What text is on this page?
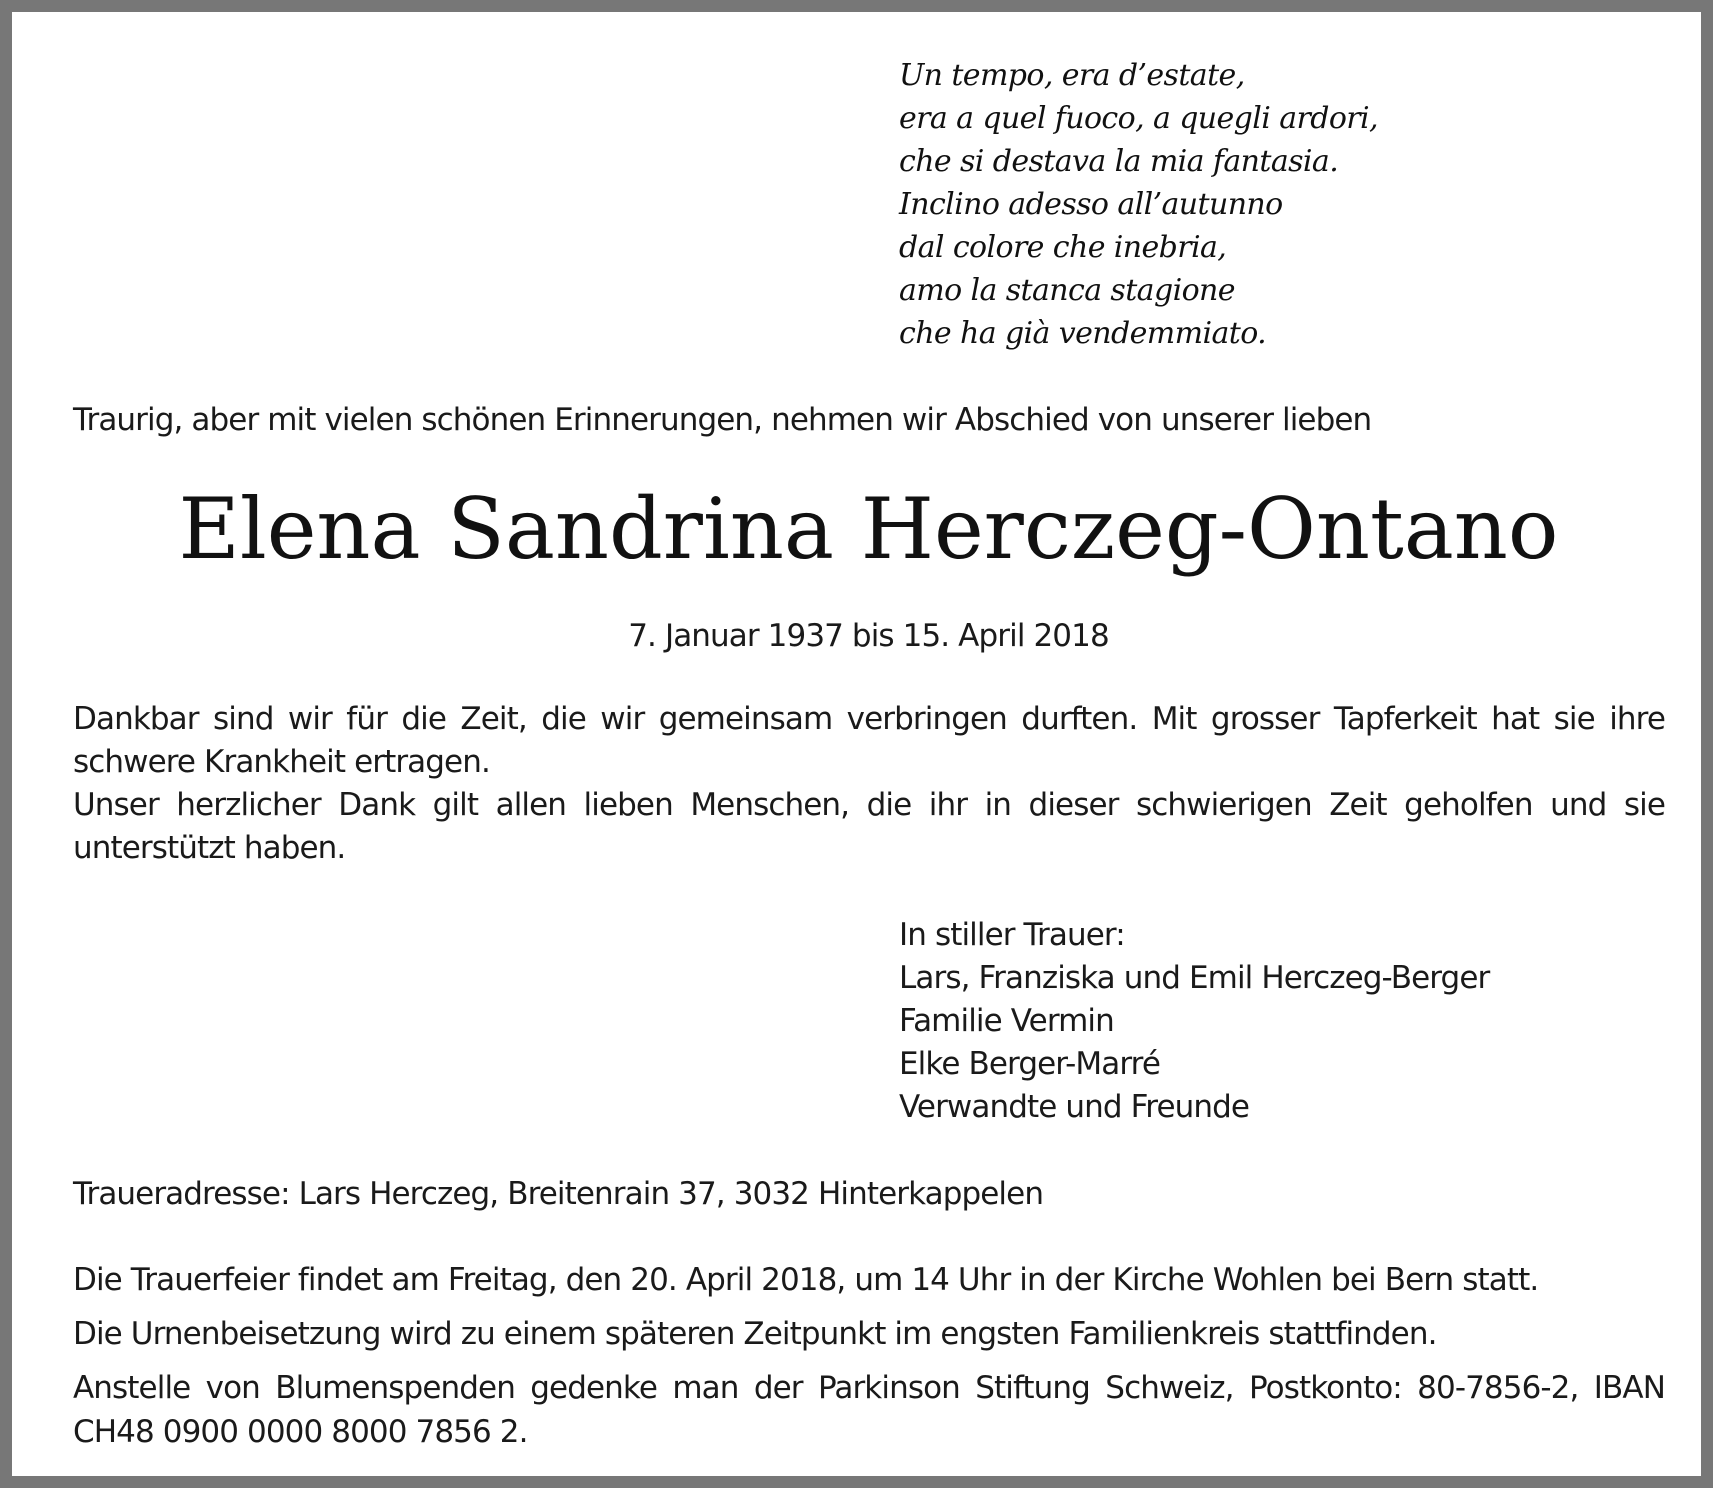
Un tempo, era d’estate,
era a quel fuoco, a quegli ardori,
che si destava la mia fantasia.
Inclino adesso all’autunno
dal colore che inebria,
amo la stanca stagione
che ha già vendemmiato.
Traurig, aber mit vielen schönen Erinnerungen, nehmen wir Abschied von unserer lieben
Elena Sandrina Herczeg-Ontano
7. Januar 1937 bis 15. April 2018
Dankbar sind wir für die Zeit, die wir gemeinsam verbringen durften. Mit grosser Tapferkeit hat sie ihre schwere Krankheit ertragen.
Unser herzlicher Dank gilt allen lieben Menschen, die ihr in dieser schwierigen Zeit geholfen und sie unterstützt haben.
In stiller Trauer:
Lars, Franziska und Emil Herczeg-Berger
Familie Vermin
Elke Berger-Marré
Verwandte und Freunde
Traueradresse: Lars Herczeg, Breitenrain 37, 3032 Hinterkappelen
Die Trauerfeier findet am Freitag, den 20. April 2018, um 14 Uhr in der Kirche Wohlen bei Bern statt.
Die Urnenbeisetzung wird zu einem späteren Zeitpunkt im engsten Familienkreis stattfinden.
Anstelle von Blumenspenden gedenke man der Parkinson Stiftung Schweiz, Postkonto: 80-7856-2, IBAN CH48 0900 0000 8000 7856 2.
